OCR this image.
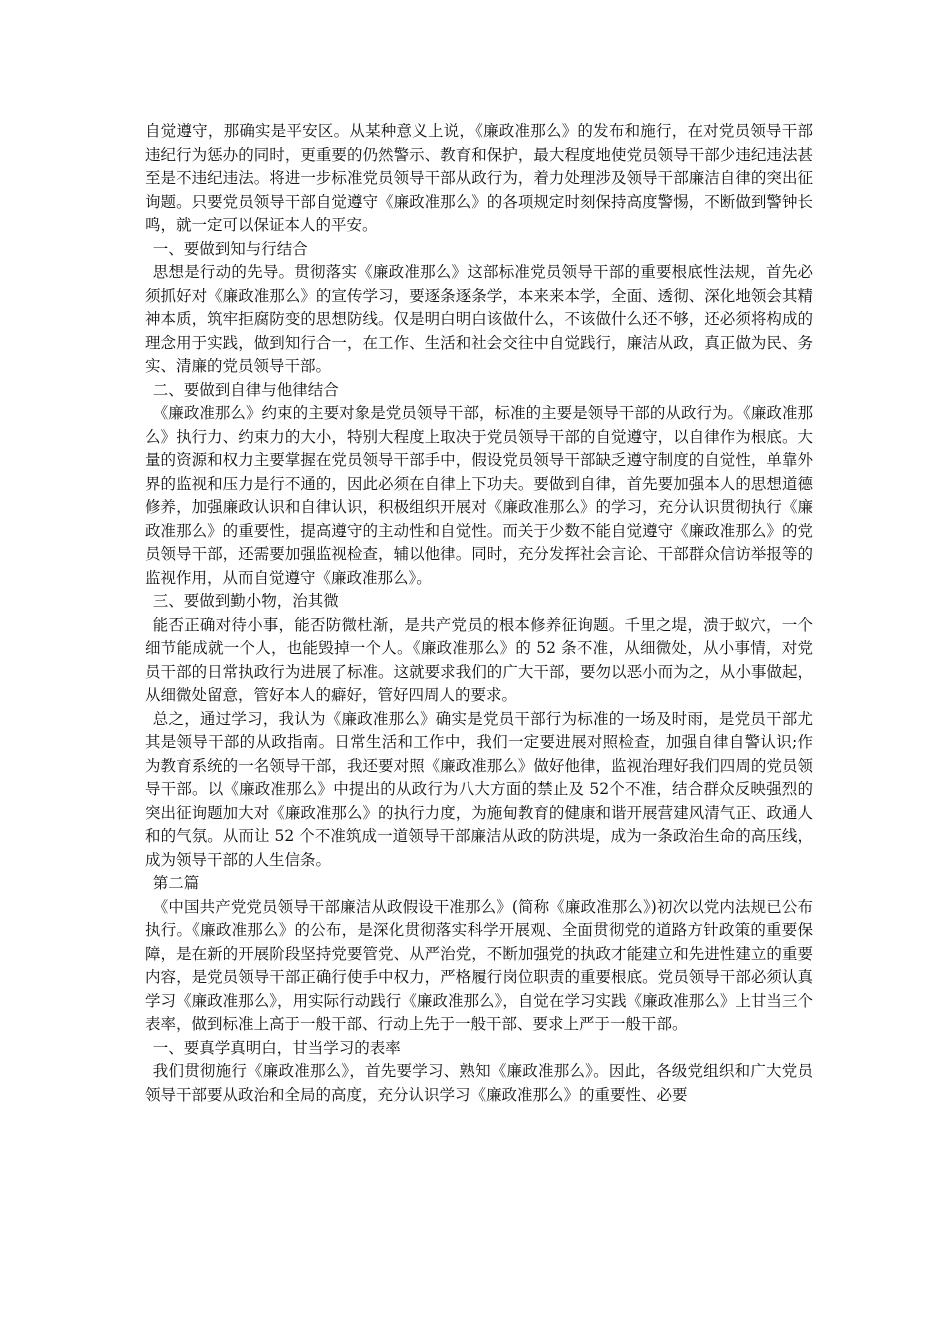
自觉遵守，那确实是平安区。从某种意义上说，《廉政准那么》的发布和施行，在对党员领导干部违纪行为惩办的同时，更重要的仍然警示、教育和保护，最大程度地使党员领导干部少违纪违法甚至是不违纪违法。将进一步标准党员领导干部从政行为，着力处理涉及领导干部廉洁自律的突出征询题。只要党员领导干部自觉遵守《廉政准那么》的各项规定时刻保持高度警惕，不断做到警钟长鸣，就一定可以保证本人的平安。

一、要做到知与行结合

思想是行动的先导。贯彻落实《廉政准那么》这部标准党员领导干部的重要根底性法规，首先必须抓好对《廉政准那么》的宣传学习，要逐条逐条学，本来来本学，全面、透彻、深化地领会其精神本质，筑牢拒腐防变的思想防线。仅是明白明白该做什么，不该做什么还不够，还必须将构成的理念用于实践，做到知行合一，在工作、生活和社会交往中自觉践行，廉洁从政，真正做为民、务实、清廉的党员领导干部。

二、要做到自律与他律结合

《廉政准那么》约束的主要对象是党员领导干部，标准的主要是领导干部的从政行为。《廉政准那么》执行力、约束力的大小，特别大程度上取决于党员领导干部的自觉遵守，以自律作为根底。大量的资源和权力主要掌握在党员领导干部手中，假设党员领导干部缺乏遵守制度的自觉性，单靠外界的监视和压力是行不通的，因此必须在自律上下功夫。要做到自律，首先要加强本人的思想道德修养，加强廉政认识和自律认识，积极组织开展对《廉政准那么》的学习，充分认识贯彻执行《廉政准那么》的重要性，提高遵守的主动性和自觉性。而关于少数不能自觉遵守《廉政准那么》的党员领导干部，还需要加强监视检查，辅以他律。同时，充分发挥社会言论、干部群众信访举报等的监视作用，从而自觉遵守《廉政准那么》。

三、要做到勤小物，治其微

能否正确对待小事，能否防微杜渐，是共产党员的根本修养征询题。千里之堤，溃于蚁穴，一个细节能成就一个人，也能毁掉一个人。《廉政准那么》的 52 条不准，从细微处，从小事情，对党员干部的日常执政行为进展了标准。这就要求我们的广大干部，要勿以恶小而为之，从小事做起，从细微处留意，管好本人的癖好，管好四周人的要求。

总之，通过学习，我认为《廉政准那么》确实是党员干部行为标准的一场及时雨，是党员干部尤其是领导干部的从政指南。日常生活和工作中，我们一定要进展对照检查，加强自律自警认识;作为教育系统的一名领导干部，我还要对照《廉政准那么》做好他律，监视治理好我们四周的党员领导干部。以《廉政准那么》中提出的从政行为八大方面的禁止及 52个不准，结合群众反映强烈的突出征询题加大对《廉政准那么》的执行力度，为施甸教育的健康和谐开展营建风清气正、政通人和的气氛。从而让 52 个不准筑成一道领导干部廉洁从政的防洪堤，成为一条政治生命的高压线，成为领导干部的人生信条。

第二篇

《中国共产党党员领导干部廉洁从政假设干准那么》(简称《廉政准那么》)初次以党内法规已公布执行。《廉政准那么》的公布，是深化贯彻落实科学开展观、全面贯彻党的道路方针政策的重要保障，是在新的开展阶段坚持党要管党、从严治党，不断加强党的执政才能建立和先进性建立的重要内容，是党员领导干部正确行使手中权力，严格履行岗位职责的重要根底。党员领导干部必须认真学习《廉政准那么》，用实际行动践行《廉政准那么》，自觉在学习实践《廉政准那么》上甘当三个表率，做到标准上高于一般干部、行动上先于一般干部、要求上严于一般干部。

一、要真学真明白，甘当学习的表率

我们贯彻施行《廉政准那么》，首先要学习、熟知《廉政准那么》。因此，各级党组织和广大党员领导干部要从政治和全局的高度，充分认识学习《廉政准那么》的重要性、必要
